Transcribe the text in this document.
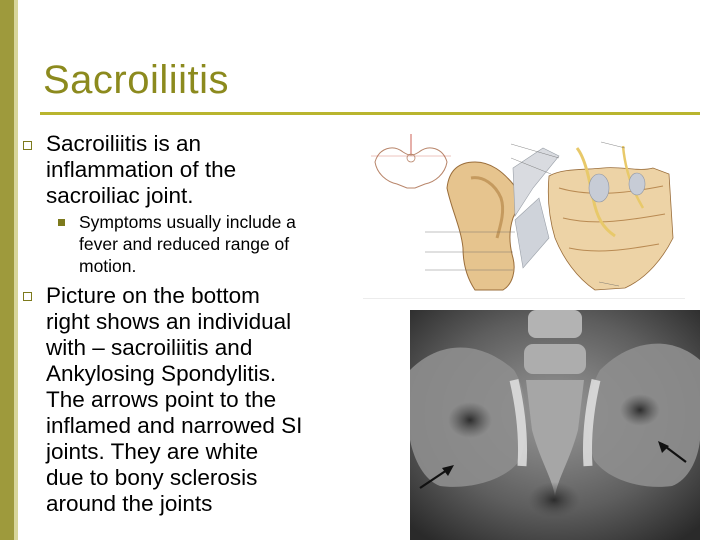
Sacroiliitis
Sacroiliitis is an
inflammation of the
sacroiliac joint.
Symptoms usually include a
fever and reduced range of
motion.
Picture on the bottom
right shows an individual
with – sacroiliitis and
Ankylosing Spondylitis.
The arrows point to the
inflamed and narrowed SI
joints. They are white
due to bony sclerosis
around the joints
